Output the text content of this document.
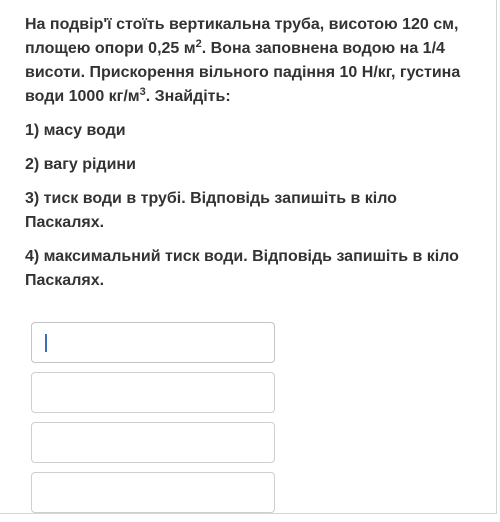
На подвір'ї стоїть вертикальна труба, висотою 120 см, площею опори 0,25 $м^2$. Вона заповнена водою на 1/4 висоти. Прискорення вільного падіння 10 Н/кг, густина води 1000 $кг/м^3$. Знайдіть:

1) масу води

2) вагу рідини

3) тиск води в трубі. Відповідь запишіть в кіло Паскалях.

4) максимальний тиск води. Відповідь запишіть в кіло Паскалях.
